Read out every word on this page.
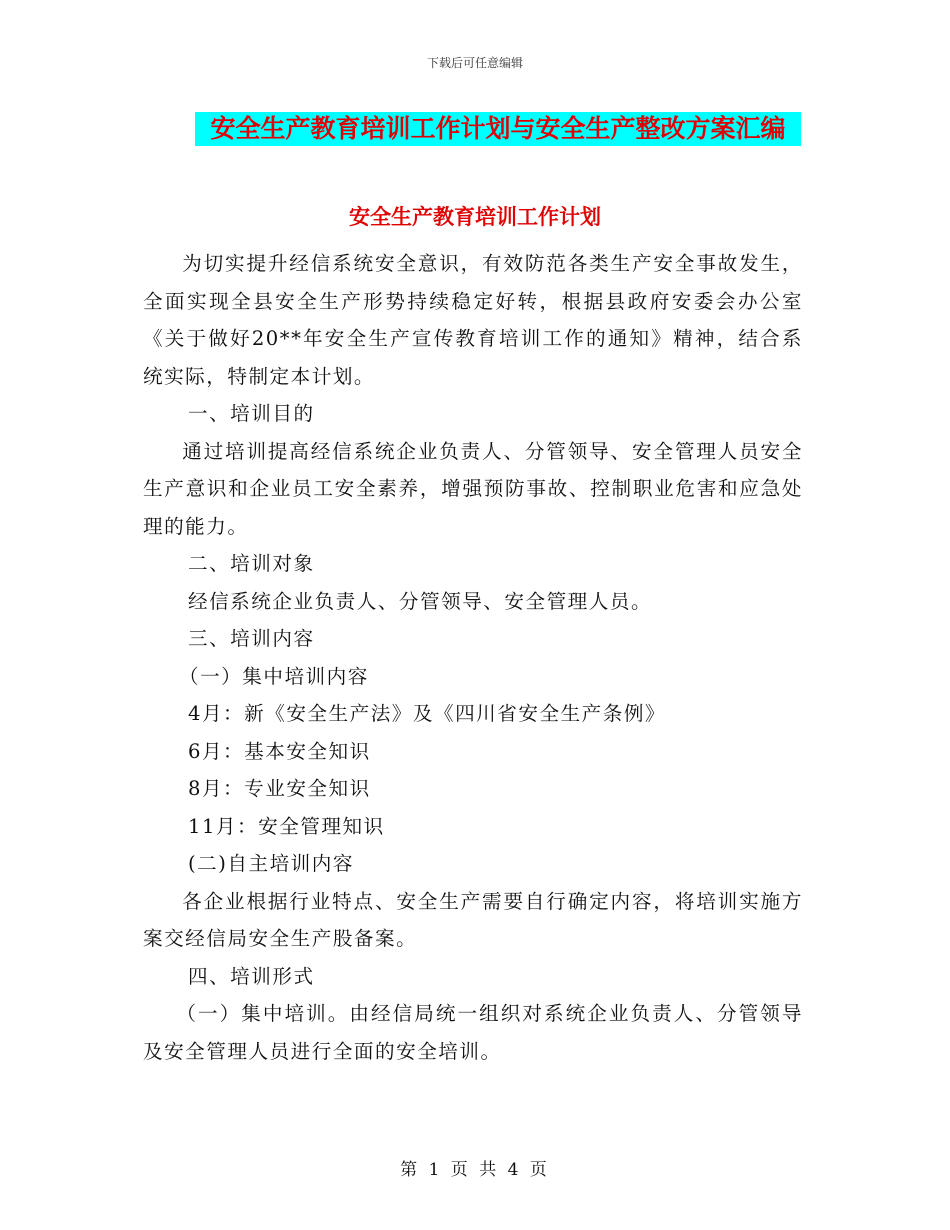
下载后可任意编辑
安全生产教育培训工作计划与安全生产整改方案汇编
安全生产教育培训工作计划

为切实提升经信系统安全意识，有效防范各类生产安全事故发生，全面实现全县安全生产形势持续稳定好转，根据县政府安委会办公室《关于做好20**年安全生产宣传教育培训工作的通知》精神，结合系统实际，特制定本计划。

一、培训目的

通过培训提高经信系统企业负责人、分管领导、安全管理人员安全生产意识和企业员工安全素养，增强预防事故、控制职业危害和应急处理的能力。

二、培训对象

经信系统企业负责人、分管领导、安全管理人员。

三、培训内容

（一）集中培训内容

4月：新《安全生产法》及《四川省安全生产条例》

6月：基本安全知识

8月：专业安全知识

11月：安全管理知识

(二)自主培训内容

各企业根据行业特点、安全生产需要自行确定内容，将培训实施方案交经信局安全生产股备案。

四、培训形式

（一）集中培训。由经信局统一组织对系统企业负责人、分管领导及安全管理人员进行全面的安全培训。

第 1 页 共 4 页
